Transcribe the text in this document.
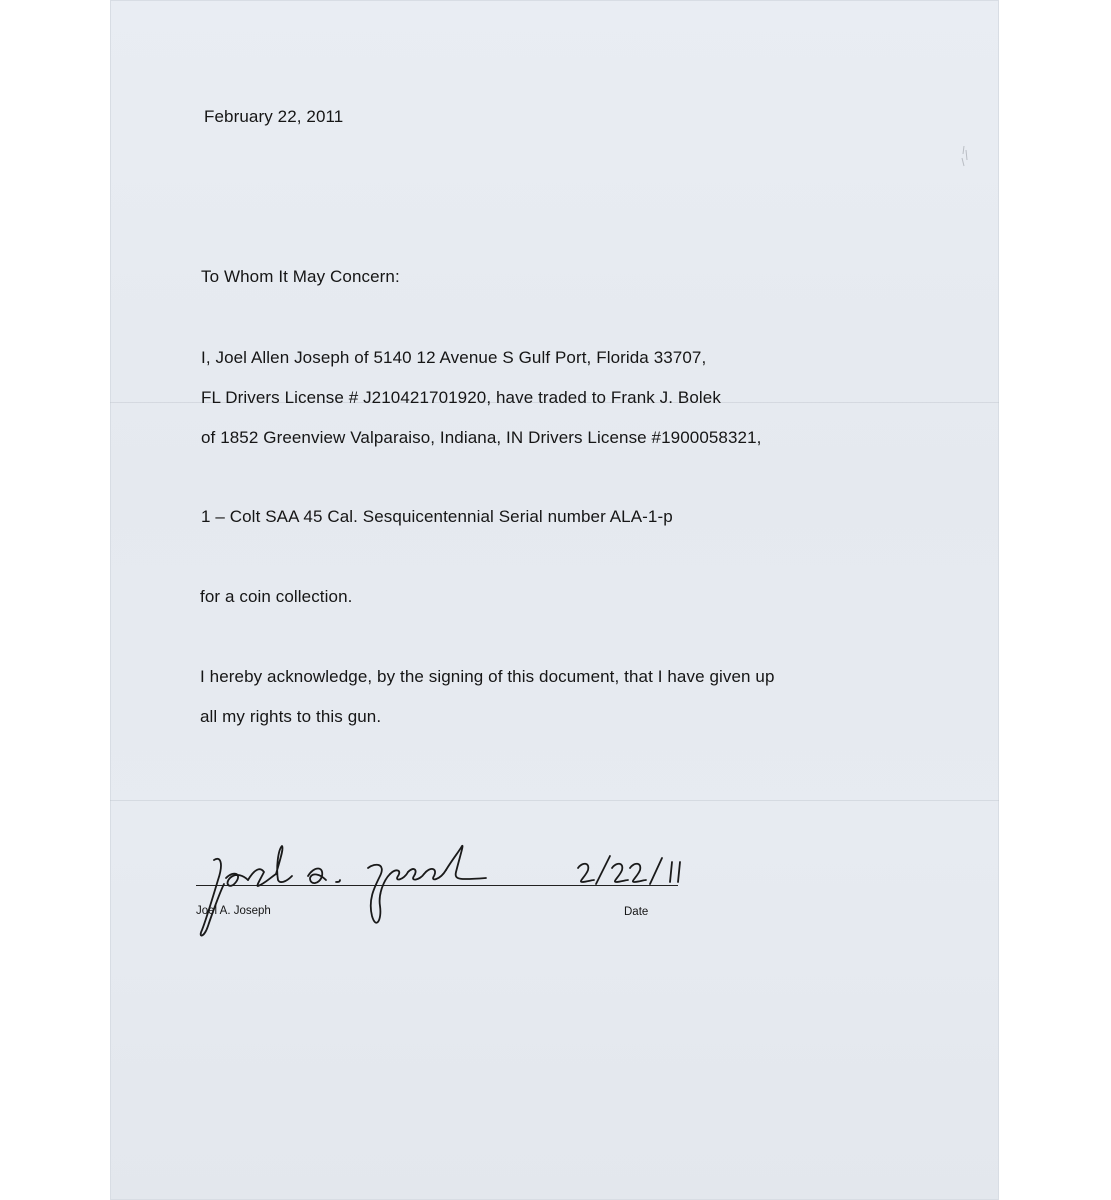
February 22, 2011
To Whom It May Concern:
I, Joel Allen Joseph of 5140 12 Avenue S Gulf Port, Florida 33707,
FL Drivers License # J210421701920, have traded to Frank J. Bolek
of 1852 Greenview Valparaiso, Indiana, IN Drivers License #1900058321,
1 – Colt SAA 45 Cal. Sesquicentennial Serial number ALA-1-p
for a coin collection.
I hereby acknowledge, by the signing of this document, that I have given up
all my rights to this gun.
Joel A. Joseph	Date
